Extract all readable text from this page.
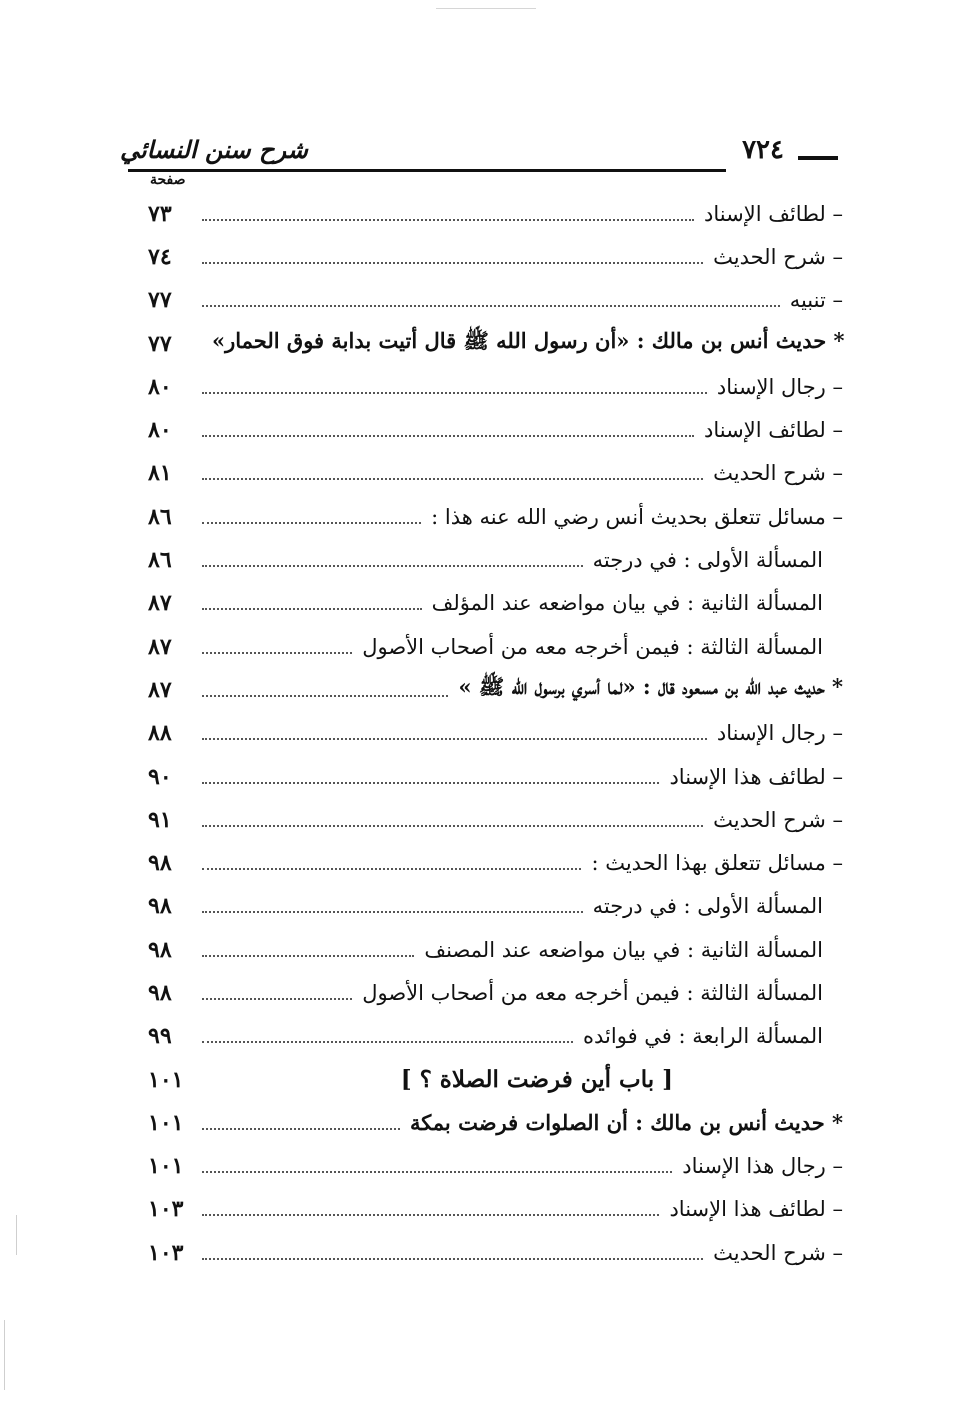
شرح سنن النسائي	٧٢٤
صفحة
٧٣	– لطائف الإسناد
٧٤	– شرح الحديث
٧٧	– تنبيه
٧٧	* حديث أنس بن مالك : «أن رسول الله ﷺ قال أتيت بدابة فوق الحمار»
٨٠	– رجال الإسناد
٨٠	– لطائف الإسناد
٨١	– شرح الحديث
٨٦	– مسائل تتعلق بحديث أنس رضي الله عنه هذا :
٨٦	المسألة الأولى : في درجته
٨٧	المسألة الثانية : في بيان مواضعه عند المؤلف
٨٧	المسألة الثالثة : فيمن أخرجه معه من أصحاب الأصول
٨٧	* حديث عبد الله بن مسعود قال : «لما أسري برسول الله ﷺ »
٨٨	– رجال الإسناد
٩٠	– لطائف هذا الإسناد
٩١	– شرح الحديث
٩٨	– مسائل تتعلق بهذا الحديث :
٩٨	المسألة الأولى : في درجته
٩٨	المسألة الثانية : في بيان مواضعه عند المصنف
٩٨	المسألة الثالثة : فيمن أخرجه معه من أصحاب الأصول
٩٩	المسألة الرابعة : في فوائده
١٠١	[ باب أين فرضت الصلاة ؟ ]
١٠١	* حديث أنس بن مالك : أن الصلوات فرضت بمكة
١٠١	– رجال هذا الإسناد
١٠٣	– لطائف هذا الإسناد
١٠٣	– شرح الحديث
